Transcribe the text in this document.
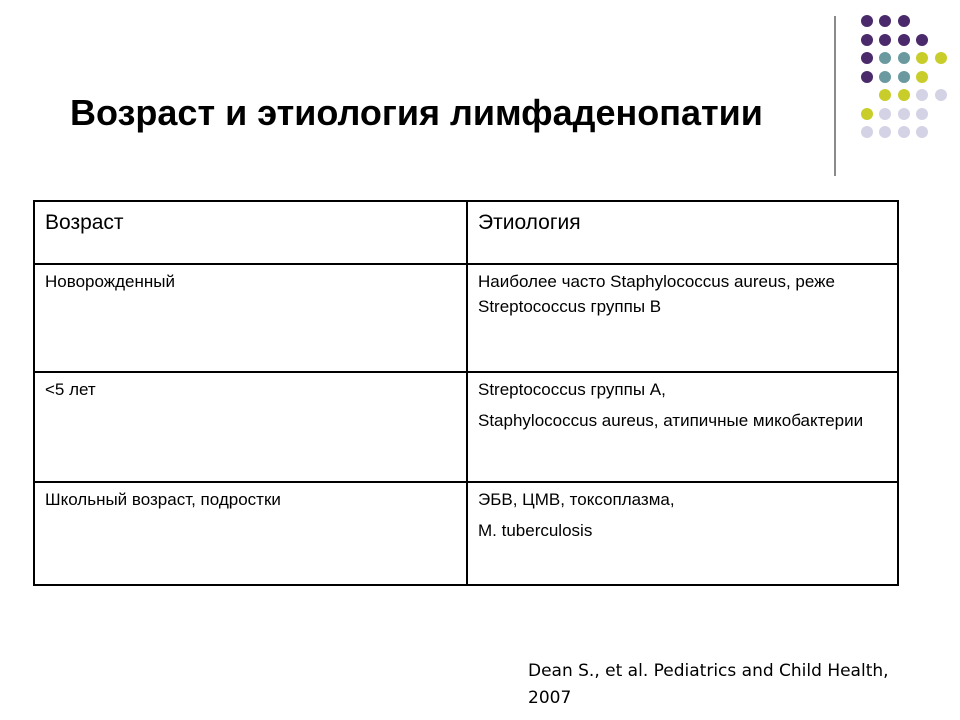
Возраст и этиология лимфаденопатии
Возраст	Этиология
Новорожденный	Наиболее часто Staphylococcus aureus, реже Streptococcus группы В
<5 лет	Streptococcus группы А,
Staphylococcus aureus, атипичные микобактерии
Школьный возраст, подростки	ЭБВ, ЦМВ, токсоплазма,
M. tuberculosis
Dean S., et al. Pediatrics and Child Health,
2007
